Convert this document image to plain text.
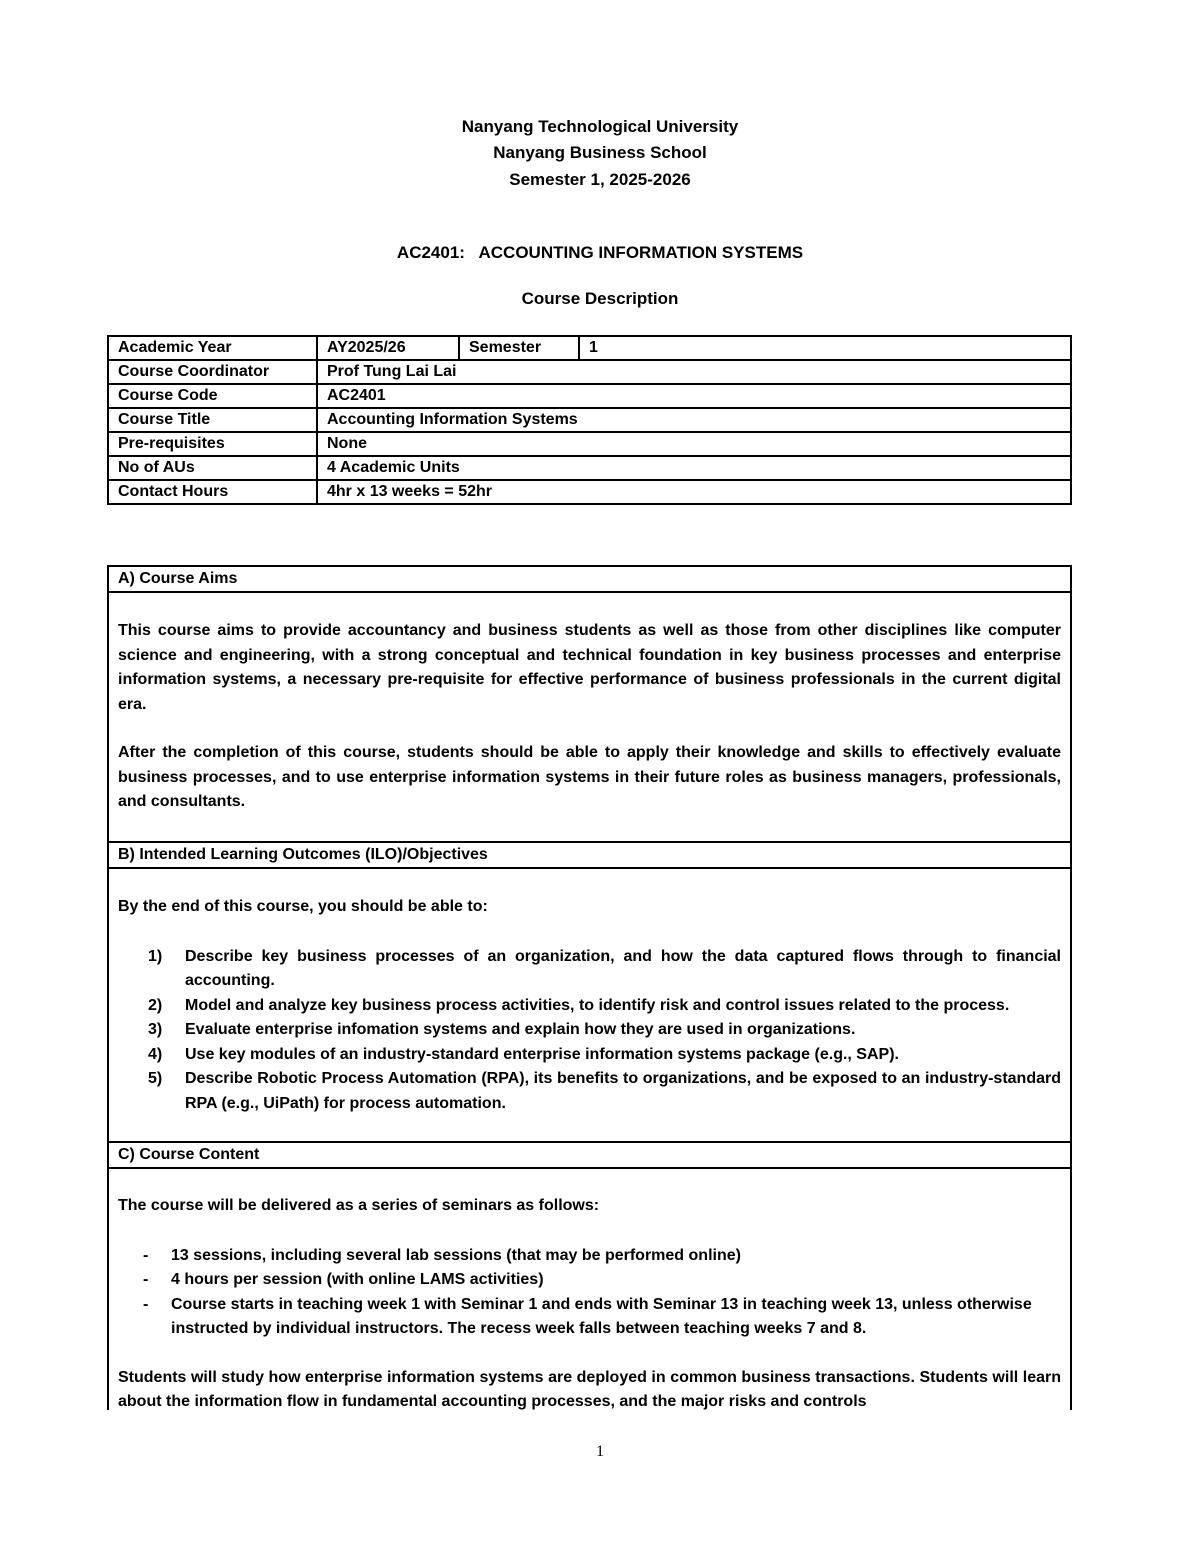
Nanyang Technological University

Nanyang Business School

Semester 1, 2025-2026

AC2401:   ACCOUNTING INFORMATION SYSTEMS

Course Description

Academic Year	AY2025/26	Semester	1
Course Coordinator	Prof Tung Lai Lai		
Course Code	AC2401		
Course Title	Accounting Information Systems		
Pre-requisites	None		
No of AUs	4 Academic Units		
Contact Hours	4hr x 13 weeks = 52hr		
A) Course Aims

This course aims to provide accountancy and business students as well as those from other disciplines like computer science and engineering, with a strong conceptual and technical foundation in key business processes and enterprise information systems, a necessary pre-requisite for effective performance of business professionals in the current digital era.

After the completion of this course, students should be able to apply their knowledge and skills to effectively evaluate business processes, and to use enterprise information systems in their future roles as business managers, professionals, and consultants.

B) Intended Learning Outcomes (ILO)/Objectives

By the end of this course, you should be able to:

1) Describe key business processes of an organization, and how the data captured flows through to financial accounting.
2) Model and analyze key business process activities, to identify risk and control issues related to the process.
3) Evaluate enterprise infomation systems and explain how they are used in organizations.
4) Use key modules of an industry-standard enterprise information systems package (e.g., SAP).
5) Describe Robotic Process Automation (RPA), its benefits to organizations, and be exposed to an industry-standard RPA (e.g., UiPath) for process automation.
C) Course Content

The course will be delivered as a series of seminars as follows:

- 13 sessions, including several lab sessions (that may be performed online)
- 4 hours per session (with online LAMS activities)
- Course starts in teaching week 1 with Seminar 1 and ends with Seminar 13 in teaching week 13, unless otherwise instructed by individual instructors. The recess week falls between teaching weeks 7 and 8.

Students will study how enterprise information systems are deployed in common business transactions. Students will learn about the information flow in fundamental accounting processes, and the major risks and controls

1
